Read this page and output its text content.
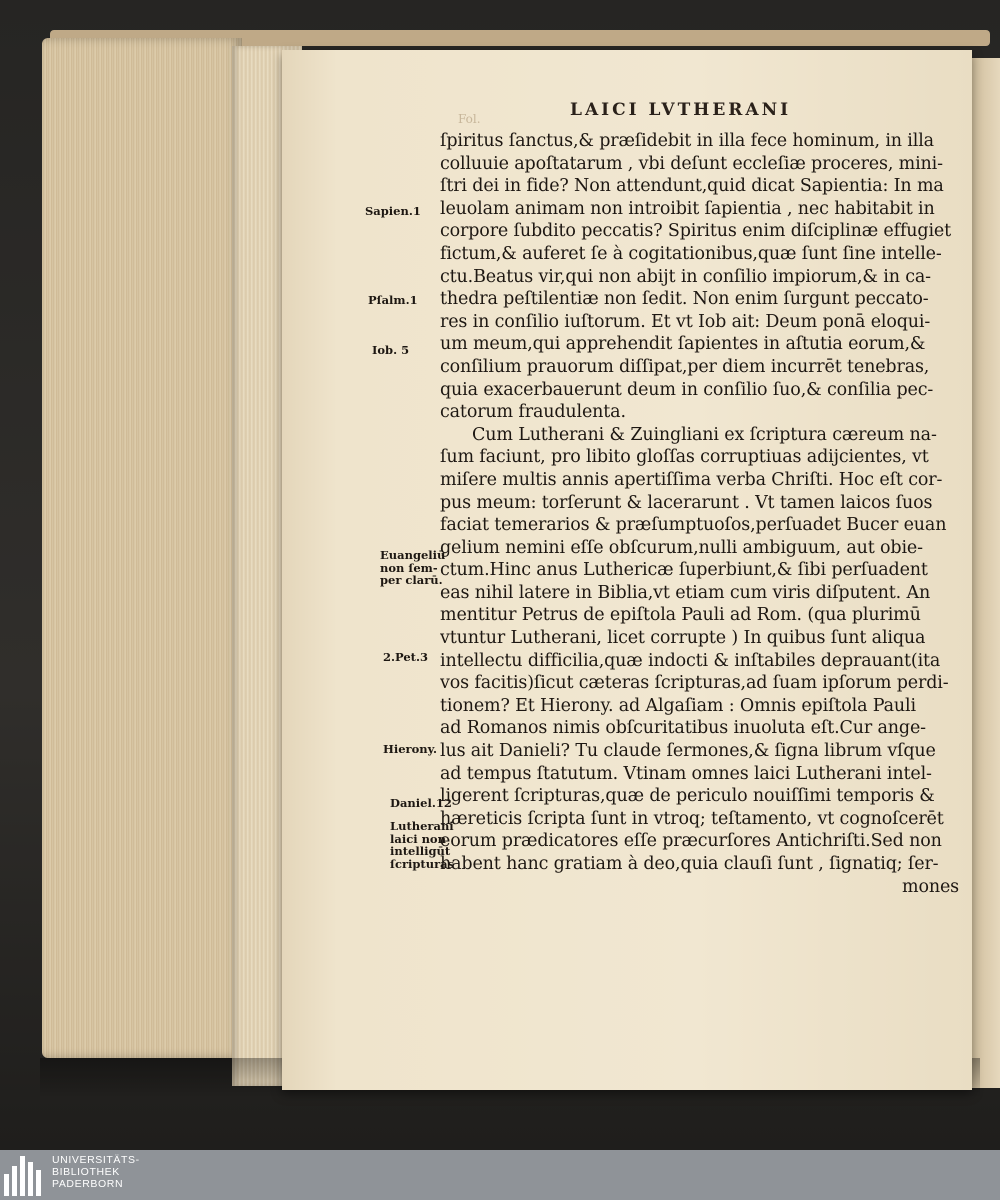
Fol.	LAICI LVTHERANI
ſpiritus ſanctus,& præſidebit in illa fece hominum, in illa
colluuie apoſtatarum , vbi deſunt eccleſiæ proceres, mini-
ſtri dei in fide? Non attendunt,quid dicat Sapientia: In ma
leuolam animam non introibit ſapientia , nec habitabit in
corpore ſubdito peccatis? Spiritus enim diſciplinæ effugiet
fictum,& auferet ſe à cogitationibus,quæ ſunt ſine intelle-
ctu.Beatus vir,qui non abijt in conſilio impiorum,& in ca-
thedra peſtilentiæ non ſedit. Non enim ſurgunt peccato-
res in conſilio iuſtorum. Et vt Iob ait: Deum ponā eloqui-
um meum,qui apprehendit ſapientes in aſtutia eorum,&
conſilium prauorum diſſipat,per diem incurrēt tenebras,
quia exacerbauerunt deum in conſilio ſuo,& conſilia pec-
catorum fraudulenta.
Cum Lutherani & Zuingliani ex ſcriptura cæreum na-
ſum faciunt, pro libito gloſſas corruptiuas adijcientes, vt
miſere multis annis apertiſſima verba Chriſti. Hoc eſt cor-
pus meum: torſerunt & lacerarunt . Vt tamen laicos ſuos
faciat temerarios & præſumptuoſos,perſuadet Bucer euan
gelium nemini eſſe obſcurum,nulli ambiguum, aut obie-
ctum.Hinc anus Luthericæ ſuperbiunt,& ſibi perſuadent
eas nihil latere in Biblia,vt etiam cum viris diſputent. An
mentitur Petrus de epiſtola Pauli ad Rom. (qua plurimū
vtuntur Lutherani, licet corrupte ) In quibus ſunt aliqua
intellectu difficilia,quæ indocti & inſtabiles deprauant(ita
vos facitis)ſicut cæteras ſcripturas,ad ſuam ipſorum perdi-
tionem? Et Hierony. ad Algaſiam : Omnis epiſtola Pauli
ad Romanos nimis obſcuritatibus inuoluta eſt.Cur ange-
lus ait Danieli? Tu claude ſermones,& ſigna librum vſque
ad tempus ſtatutum. Vtinam omnes laici Lutherani intel-
ligerent ſcripturas,quæ de periculo nouiſſimi temporis &
hæreticis ſcripta ſunt in vtroq; teſtamento, vt cognoſcerēt
eorum prædicatores eſſe præcurſores Antichriſti.Sed non
habent hanc gratiam à deo,quia clauſi ſunt , ſignatiq; ſer-
mones
Sapien.1
Pſalm.1
Iob. 5
Euangeliū non ſem- per clarū.
2.Pet.3
Hierony.
Daniel.12
Lutherani laici non intelligūt ſcripturas
UNIVERSITÄTS-
BIBLIOTHEK
PADERBORN
